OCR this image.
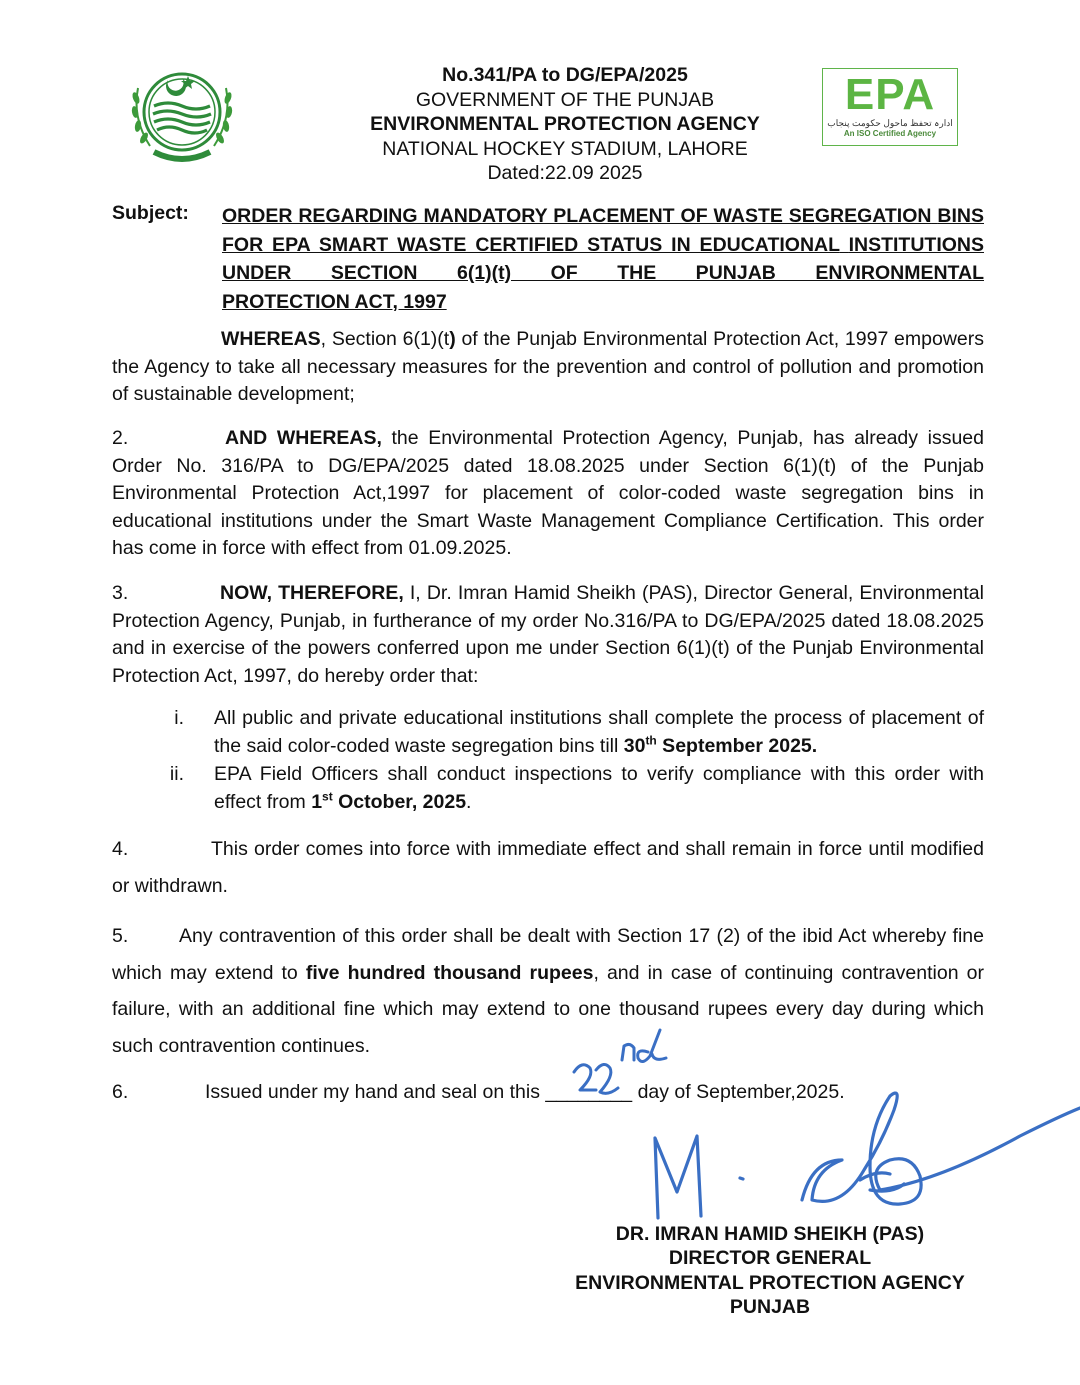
No.341/PA to DG/EPA/2025
GOVERNMENT OF THE PUNJAB
ENVIRONMENTAL PROTECTION AGENCY
NATIONAL HOCKEY STADIUM, LAHORE
Dated:22.09 2025
EPA
ادارہ تحفظ ماحول حکومت پنجاب
An ISO Certified Agency
Subject: ORDER REGARDING MANDATORY PLACEMENT OF WASTE SEGREGATION BINS FOR EPA SMART WASTE CERTIFIED STATUS IN EDUCATIONAL INSTITUTIONS UNDER SECTION 6(1)(t) OF THE PUNJAB ENVIRONMENTAL
PROTECTION ACT, 1997
WHEREAS, Section 6(1)(t) of the Punjab Environmental Protection Act, 1997 empowers the Agency to take all necessary measures for the prevention and control of pollution and promotion of sustainable development;
2.	AND WHEREAS, the Environmental Protection Agency, Punjab, has already issued Order No. 316/PA to DG/EPA/2025 dated 18.08.2025 under Section 6(1)(t) of the Punjab Environmental Protection Act,1997 for placement of color-coded waste segregation bins in educational institutions under the Smart Waste Management Compliance Certification. This order has come in force with effect from 01.09.2025.
3.	NOW, THEREFORE, I, Dr. Imran Hamid Sheikh (PAS), Director General, Environmental Protection Agency, Punjab, in furtherance of my order No.316/PA to DG/EPA/2025 dated 18.08.2025 and in exercise of the powers conferred upon me under Section 6(1)(t) of the Punjab Environmental Protection Act, 1997, do hereby order that:
i. All public and private educational institutions shall complete the process of placement of the said color-coded waste segregation bins till 30th September 2025.
ii. EPA Field Officers shall conduct inspections to verify compliance with this order with effect from 1st October, 2025.
4.	This order comes into force with immediate effect and shall remain in force until modified or withdrawn.
5.	Any contravention of this order shall be dealt with Section 17 (2) of the ibid Act whereby fine which may extend to five hundred thousand rupees, and in case of continuing contravention or failure, with an additional fine which may extend to one thousand rupees every day during which such contravention continues.
6.	Issued under my hand and seal on this ________ day of September,2025.
DR. IMRAN HAMID SHEIKH (PAS)
DIRECTOR GENERAL
ENVIRONMENTAL PROTECTION AGENCY
PUNJAB
